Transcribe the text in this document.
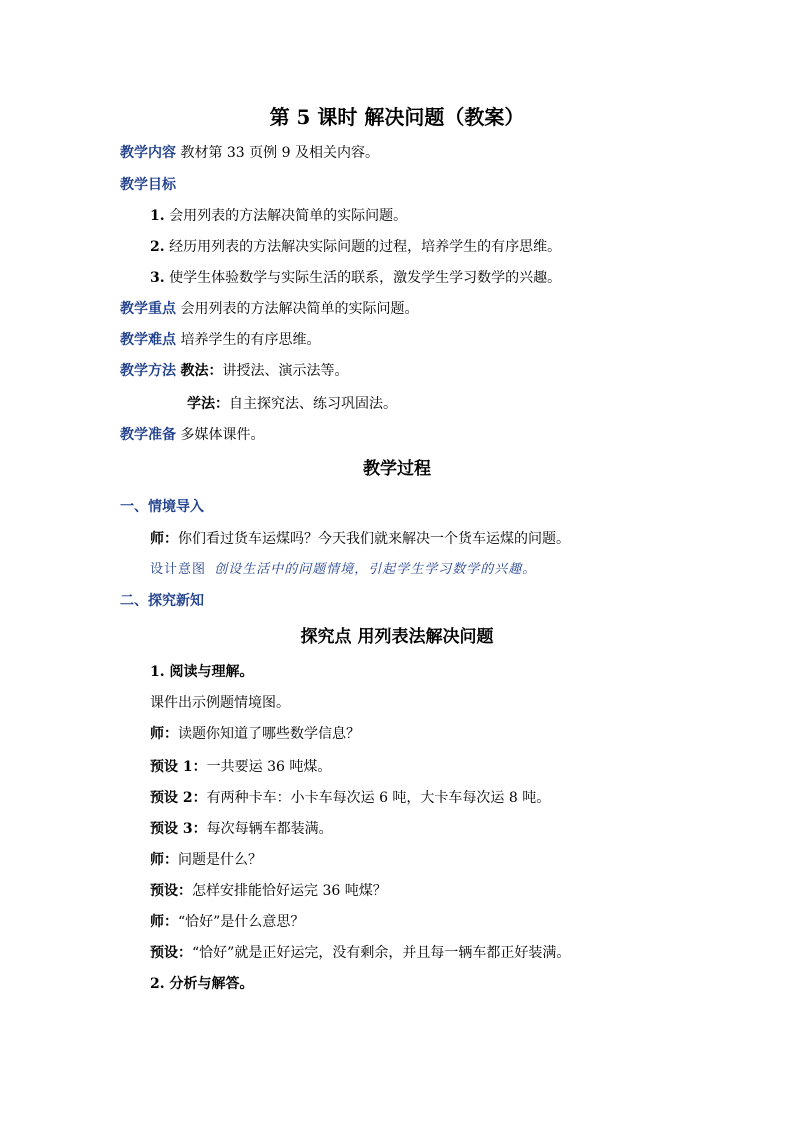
第 5 课时 解决问题（教案）
教学内容 教材第 33 页例 9 及相关内容。
教学目标
1. 会用列表的方法解决简单的实际问题。
2. 经历用列表的方法解决实际问题的过程，培养学生的有序思维。
3. 使学生体验数学与实际生活的联系，激发学生学习数学的兴趣。
教学重点 会用列表的方法解决简单的实际问题。
教学难点 培养学生的有序思维。
教学方法 教法：讲授法、演示法等。
学法：自主探究法、练习巩固法。
教学准备 多媒体课件。
教学过程
一、情境导入
师：你们看过货车运煤吗？今天我们就来解决一个货车运煤的问题。
设计意图 创设生活中的问题情境，引起学生学习数学的兴趣。
二、探究新知
探究点 用列表法解决问题
1. 阅读与理解。
课件出示例题情境图。
师：读题你知道了哪些数学信息？
预设 1：一共要运 36 吨煤。
预设 2：有两种卡车：小卡车每次运 6 吨，大卡车每次运 8 吨。
预设 3：每次每辆车都装满。
师：问题是什么？
预设：怎样安排能恰好运完 36 吨煤？
师：“恰好”是什么意思？
预设：“恰好”就是正好运完，没有剩余，并且每一辆车都正好装满。
2. 分析与解答。
